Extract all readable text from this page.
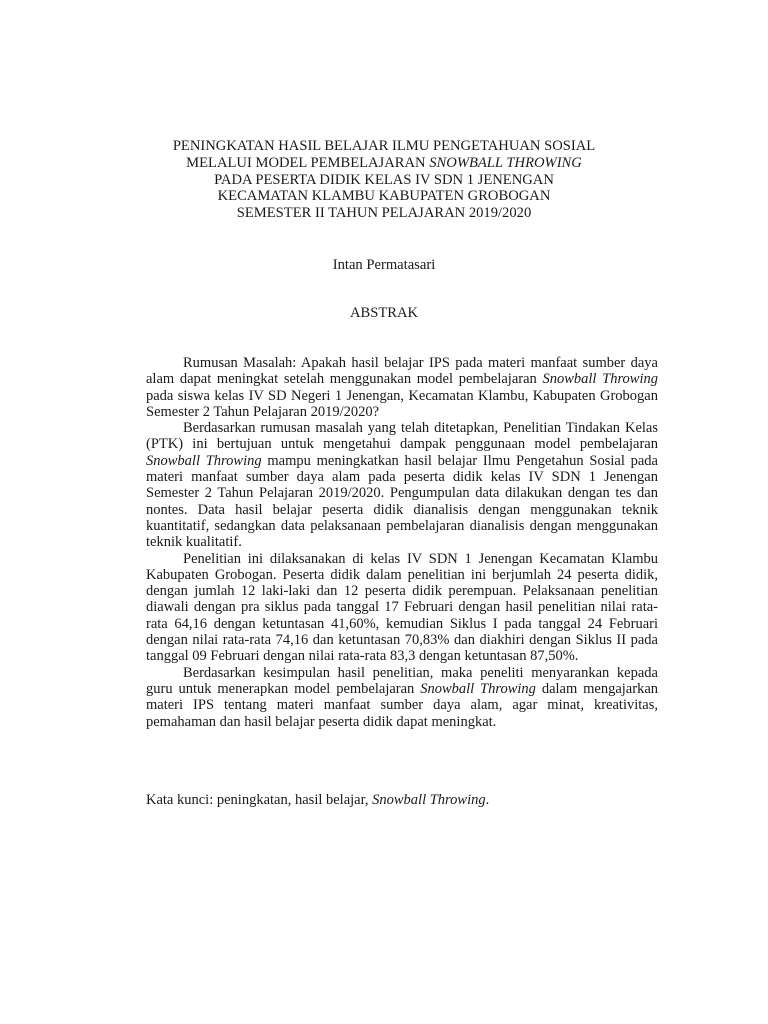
PENINGKATAN HASIL BELAJAR ILMU PENGETAHUAN SOSIAL
MELALUI MODEL PEMBELAJARAN SNOWBALL THROWING
PADA PESERTA DIDIK KELAS IV SDN 1 JENENGAN
KECAMATAN KLAMBU KABUPATEN GROBOGAN
SEMESTER II TAHUN PELAJARAN 2019/2020
Intan Permatasari
ABSTRAK

Rumusan Masalah: Apakah hasil belajar IPS pada materi manfaat sumber daya alam dapat meningkat setelah menggunakan model pembelajaran Snowball Throwing pada siswa kelas IV SD Negeri 1 Jenengan, Kecamatan Klambu, Kabupaten Grobogan Semester 2 Tahun Pelajaran 2019/2020?

Berdasarkan rumusan masalah yang telah ditetapkan, Penelitian Tindakan Kelas (PTK) ini bertujuan untuk mengetahui dampak penggunaan model pembelajaran Snowball Throwing mampu meningkatkan hasil belajar Ilmu Pengetahun Sosial pada materi manfaat sumber daya alam pada peserta didik kelas IV SDN 1 Jenengan Semester 2 Tahun Pelajaran 2019/2020. Pengumpulan data dilakukan dengan tes dan nontes. Data hasil belajar peserta didik dianalisis dengan menggunakan teknik kuantitatif, sedangkan data pelaksanaan pembelajaran dianalisis dengan menggunakan teknik kualitatif.

Penelitian ini dilaksanakan di kelas IV SDN 1 Jenengan Kecamatan Klambu Kabupaten Grobogan. Peserta didik dalam penelitian ini berjumlah 24 peserta didik, dengan jumlah 12 laki-laki dan 12 peserta didik perempuan. Pelaksanaan penelitian diawali dengan pra siklus pada tanggal 17 Februari dengan hasil penelitian nilai rata-rata 64,16 dengan ketuntasan 41,60%, kemudian Siklus I pada tanggal 24 Februari dengan nilai rata-rata 74,16 dan ketuntasan 70,83% dan diakhiri dengan Siklus II pada tanggal 09 Februari dengan nilai rata-rata 83,3 dengan ketuntasan 87,50%.

Berdasarkan kesimpulan hasil penelitian, maka peneliti menyarankan kepada guru untuk menerapkan model pembelajaran Snowball Throwing dalam mengajarkan materi IPS tentang materi manfaat sumber daya alam, agar minat, kreativitas, pemahaman dan hasil belajar peserta didik dapat meningkat.

Kata kunci: peningkatan, hasil belajar, Snowball Throwing.
